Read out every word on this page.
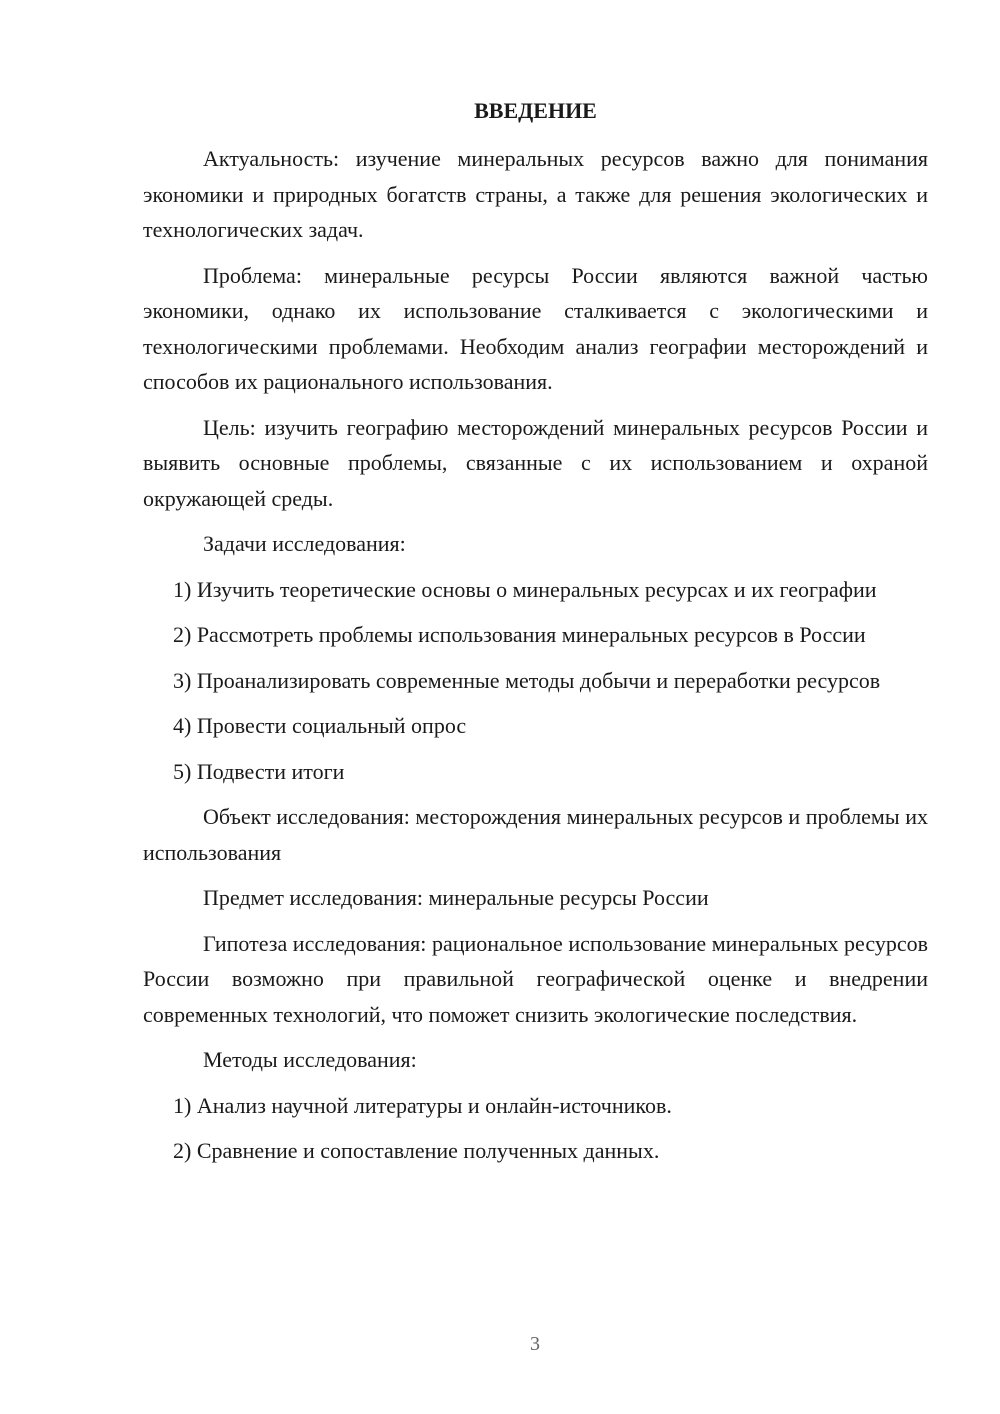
ВВЕДЕНИЕ

Актуальность: изучение минеральных ресурсов важно для понимания экономики и природных богатств страны, а также для решения экологических и технологических задач.

Проблема: минеральные ресурсы России являются важной частью экономики, однако их использование сталкивается с экологическими и технологическими проблемами. Необходим анализ географии месторождений и способов их рационального использования.

Цель: изучить географию месторождений минеральных ресурсов России и выявить основные проблемы, связанные с их использованием и охраной окружающей среды.

Задачи исследования:

1) Изучить теоретические основы о минеральных ресурсах и их географии

2) Рассмотреть проблемы использования минеральных ресурсов в России

3) Проанализировать современные методы добычи и переработки ресурсов

4) Провести социальный опрос

5) Подвести итоги

Объект исследования: месторождения минеральных ресурсов и проблемы их использования

Предмет исследования: минеральные ресурсы России

Гипотеза исследования: рациональное использование минеральных ресурсов России возможно при правильной географической оценке и внедрении современных технологий, что поможет снизить экологические последствия.

Методы исследования:

1) Анализ научной литературы и онлайн-источников.

2) Сравнение и сопоставление полученных данных.

3
